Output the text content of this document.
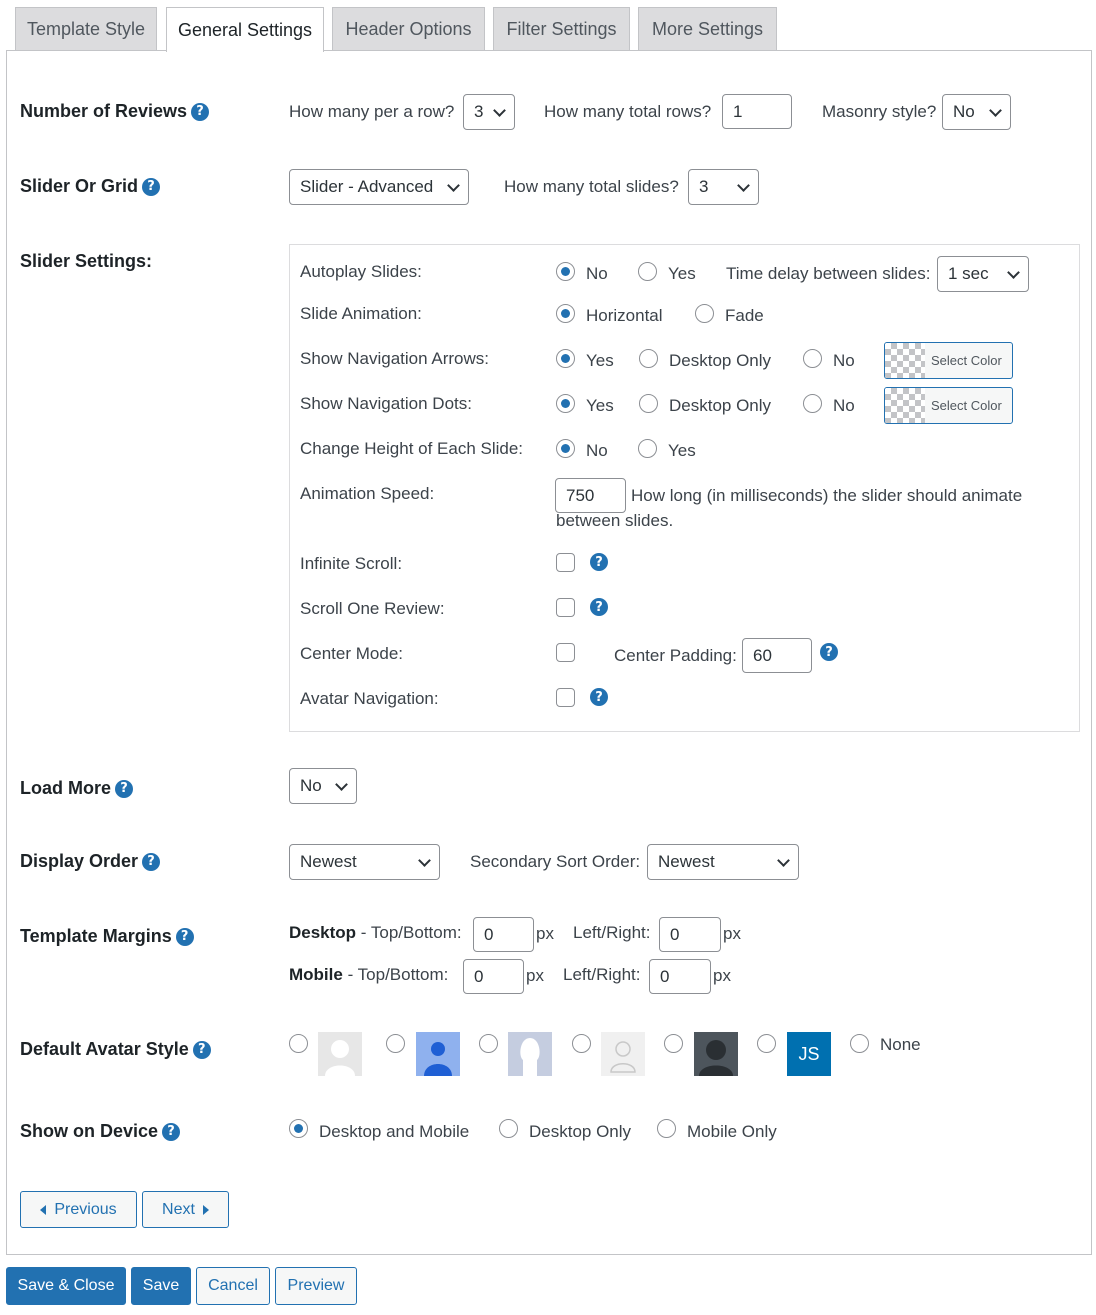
Template Style General Settings Header Options Filter Settings More Settings
Number of Reviews ?	How many per a row? 3	How many total rows? 1	Masonry style? No
Slider Or Grid ?	Slider - Advanced	How many total slides? 3
Slider Settings:
Autoplay Slides:	No	Yes Time delay between slides: 1 sec
Slide Animation:	Horizontal	Fade
Show Navigation Arrows:	Yes	Desktop Only	No	Select Color
Show Navigation Dots:	Yes	Desktop Only	No	Select Color
Change Height of Each Slide:	No	Yes
Animation Speed:	750 How long (in milliseconds) the slider should animate
between slides.
Infinite Scroll:	?
Scroll One Review:	?
Center Mode:	Center Padding: 60	?
Avatar Navigation:	?
Load More ?	No
Display Order ?	Newest	Secondary Sort Order: Newest
Template Margins ?	Desktop - Top/Bottom: 0	px Left/Right: 0	px
Mobile - Top/Bottom: 0	px Left/Right: 0	px
Default Avatar Style ?	JS	None
Show on Device ?	Desktop and Mobile	Desktop Only	Mobile Only
Previous	Next
Save & Close Save Cancel Preview
